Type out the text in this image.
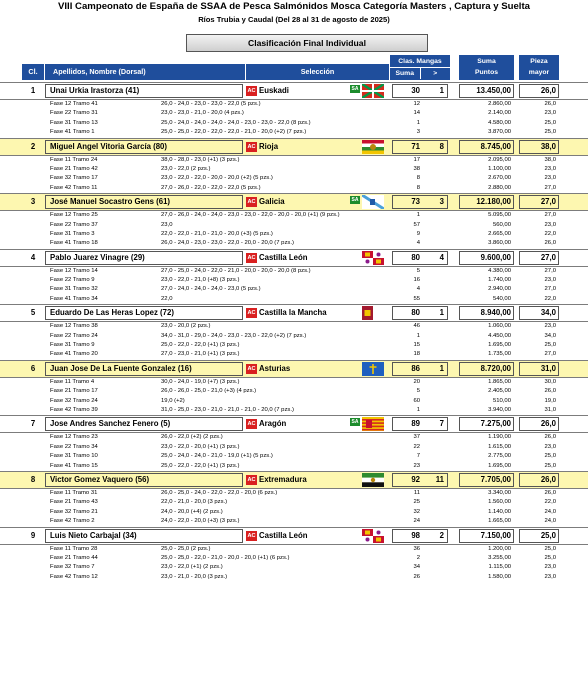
VIII Campeonato de España de SSAA de Pesca Salmónidos Mosca Categoría Masters , Captura y Suelta
Ríos Trubia y Caudal (Del 28 al 31 de agosto de 2025)
Clasificación Final Individual
Cl.	Apellidos, Nombre (Dorsal)	Selección
Clas. Mangas
Suma	>
Suma
Puntos
Pieza
mayor
1	Unai Urkia Irastorza (41)	AC Euskadi	SA	30	1	13.450,00	26,0
Fase 12 Tramo 41	26,0 - 24,0 - 23,0 - 23,0 - 22,0 (5 pzs.)	12	2.860,00	26,0
Fase 22 Tramo 31	23,0 - 23,0 - 21,0 - 20,0 (4 pzs.)	14	2.140,00	23,0
Fase 31 Tramo 13	25,0 - 24,0 - 24,0 - 24,0 - 24,0 - 23,0 - 23,0 - 22,0 (8 pzs.)	1	4.580,00	25,0
Fase 41 Tramo 1	25,0 - 25,0 - 22,0 - 22,0 - 22,0 - 21,0 - 20,0 (+2) (7 pzs.)	3	3.870,00	25,0
2	Miguel Angel Vitoria García (80)	AC Rioja	71	8	8.745,00	38,0
Fase 11 Tramo 24	38,0 - 28,0 - 23,0 (+1) (3 pzs.)	17	2.095,00	38,0
Fase 21 Tramo 42	23,0 - 22,0 (2 pzs.)	38	1.100,00	23,0
Fase 32 Tramo 17	23,0 - 22,0 - 22,0 - 20,0 - 20,0 (+2) (5 pzs.)	8	2.670,00	23,0
Fase 42 Tramo 11	27,0 - 26,0 - 22,0 - 22,0 - 22,0 (5 pzs.)	8	2.880,00	27,0
3	José Manuel Socastro Gens (61)	AC Galicia	SA	73	3	12.180,00	27,0
Fase 12 Tramo 25	27,0 - 26,0 - 24,0 - 24,0 - 23,0 - 23,0 - 22,0 - 20,0 - 20,0 (+1) (9 pzs.)	1	5.095,00	27,0
Fase 22 Tramo 37	23,0	57	560,00	23,0
Fase 31 Tramo 3	22,0 - 22,0 - 21,0 - 21,0 - 20,0 (+3) (5 pzs.)	9	2.665,00	22,0
Fase 41 Tramo 18	26,0 - 24,0 - 23,0 - 23,0 - 22,0 - 20,0 - 20,0 (7 pzs.)	4	3.860,00	26,0
4	Pablo Juarez Vinagre (29)	AC Castilla León	80	4	9.600,00	27,0
Fase 12 Tramo 14	27,0 - 25,0 - 24,0 - 22,0 - 21,0 - 20,0 - 20,0 - 20,0 (8 pzs.)	5	4.380,00	27,0
Fase 22 Tramo 9	23,0 - 22,0 - 21,0 (+8) (3 pzs.)	16	1.740,00	23,0
Fase 31 Tramo 32	27,0 - 24,0 - 24,0 - 24,0 - 23,0 (5 pzs.)	4	2.940,00	27,0
Fase 41 Tramo 34	22,0	55	540,00	22,0
5	Eduardo De Las Heras Lopez (72)	AC Castilla la Mancha	80	1	8.940,00	34,0
Fase 12 Tramo 38	23,0 - 20,0 (2 pzs.)	46	1.060,00	23,0
Fase 22 Tramo 24	34,0 - 31,0 - 29,0 - 24,0 - 23,0 - 23,0 - 22,0 (+2) (7 pzs.)	1	4.450,00	34,0
Fase 31 Tramo 9	25,0 - 22,0 - 22,0 (+1) (3 pzs.)	15	1.695,00	25,0
Fase 41 Tramo 20	27,0 - 23,0 - 21,0 (+1) (3 pzs.)	18	1.735,00	27,0
6	Juan Jose De La Fuente Gonzalez (16)	AC Asturias	86	1	8.720,00	31,0
Fase 11 Tramo 4	30,0 - 24,0 - 19,0 (+7) (3 pzs.)	20	1.865,00	30,0
Fase 21 Tramo 17	26,0 - 26,0 - 25,0 - 21,0 (+3) (4 pzs.)	5	2.405,00	26,0
Fase 32 Tramo 24	19,0 (+2)	60	510,00	19,0
Fase 42 Tramo 39	31,0 - 25,0 - 23,0 - 21,0 - 21,0 - 21,0 - 20,0 (7 pzs.)	1	3.940,00	31,0
7	Jose Andres Sanchez Fenero (5)	AC Aragón	SA	89	7	7.275,00	26,0
Fase 12 Tramo 23	26,0 - 22,0 (+2) (2 pzs.)	37	1.190,00	26,0
Fase 22 Tramo 34	23,0 - 22,0 - 20,0 (+1) (3 pzs.)	22	1.615,00	23,0
Fase 31 Tramo 10	25,0 - 24,0 - 24,0 - 21,0 - 19,0 (+1) (5 pzs.)	7	2.775,00	25,0
Fase 41 Tramo 15	25,0 - 22,0 - 22,0 (+1) (3 pzs.)	23	1.695,00	25,0
8	Victor Gomez Vaquero (56)	AC Extremadura	92	11	7.705,00	26,0
Fase 11 Tramo 31	26,0 - 25,0 - 24,0 - 22,0 - 22,0 - 20,0 (6 pzs.)	11	3.340,00	26,0
Fase 21 Tramo 43	22,0 - 21,0 - 20,0 (3 pzs.)	25	1.560,00	22,0
Fase 32 Tramo 21	24,0 - 20,0 (+4) (2 pzs.)	32	1.140,00	24,0
Fase 42 Tramo 2	24,0 - 22,0 - 20,0 (+3) (3 pzs.)	24	1.665,00	24,0
9	Luis Nieto Carbajal (34)	AC Castilla León	98	2	7.150,00	25,0
Fase 11 Tramo 28	25,0 - 25,0 (2 pzs.)	36	1.200,00	25,0
Fase 21 Tramo 44	25,0 - 25,0 - 22,0 - 21,0 - 20,0 - 20,0 (+1) (6 pzs.)	2	3.255,00	25,0
Fase 32 Tramo 7	23,0 - 22,0 (+1) (2 pzs.)	34	1.115,00	23,0
Fase 42 Tramo 12	23,0 - 21,0 - 20,0 (3 pzs.)	26	1.580,00	23,0
